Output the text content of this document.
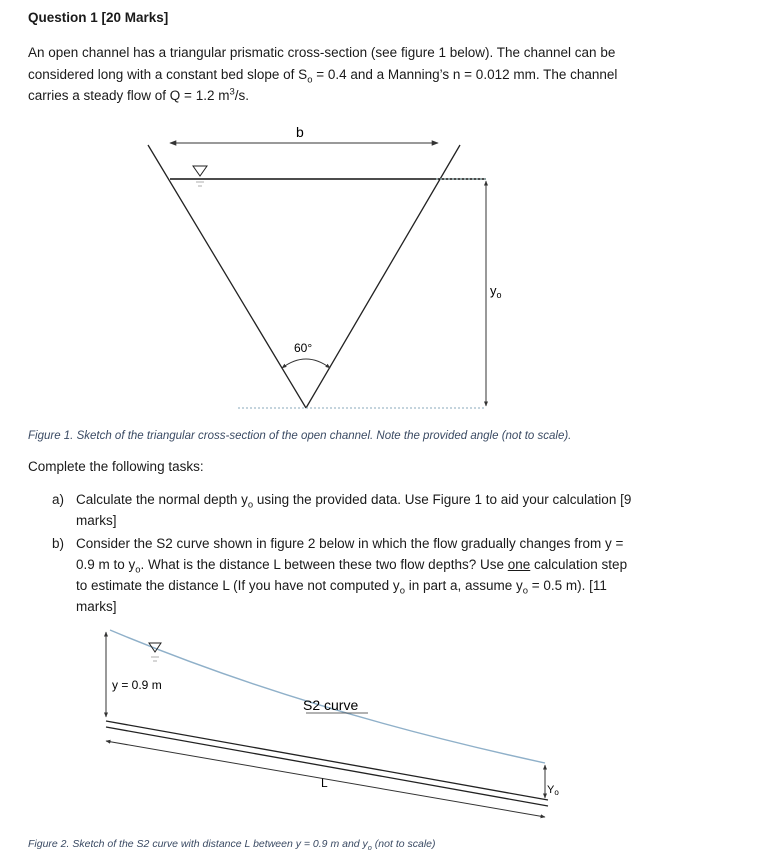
Question 1 [20 Marks]
An open channel has a triangular prismatic cross-section (see figure 1 below). The channel can be considered long with a constant bed slope of $S_o = 0.4$ and a Manning’s n = 0.012 mm. The channel carries a steady flow of Q = 1.2 $m^3/s$.
b
$y_o$
60°
Figure 1. Sketch of the triangular cross-section of the open channel. Note the provided angle (not to scale).
Complete the following tasks:
a) Calculate the normal depth $y_o$ using the provided data. Use Figure 1 to aid your calculation [9 marks]
b) Consider the S2 curve shown in figure 2 below in which the flow gradually changes from y = 0.9 m to $y_o$. What is the distance L between these two flow depths? Use one calculation step to estimate the distance L (If you have not computed $y_o$ in part a, assume $y_o = 0.5$ m). [11 marks]
y = 0.9 m
S2 curve
L	Yo
Figure 2. Sketch of the S2 curve with distance L between y = 0.9 m and $y_o$ (not to scale)
